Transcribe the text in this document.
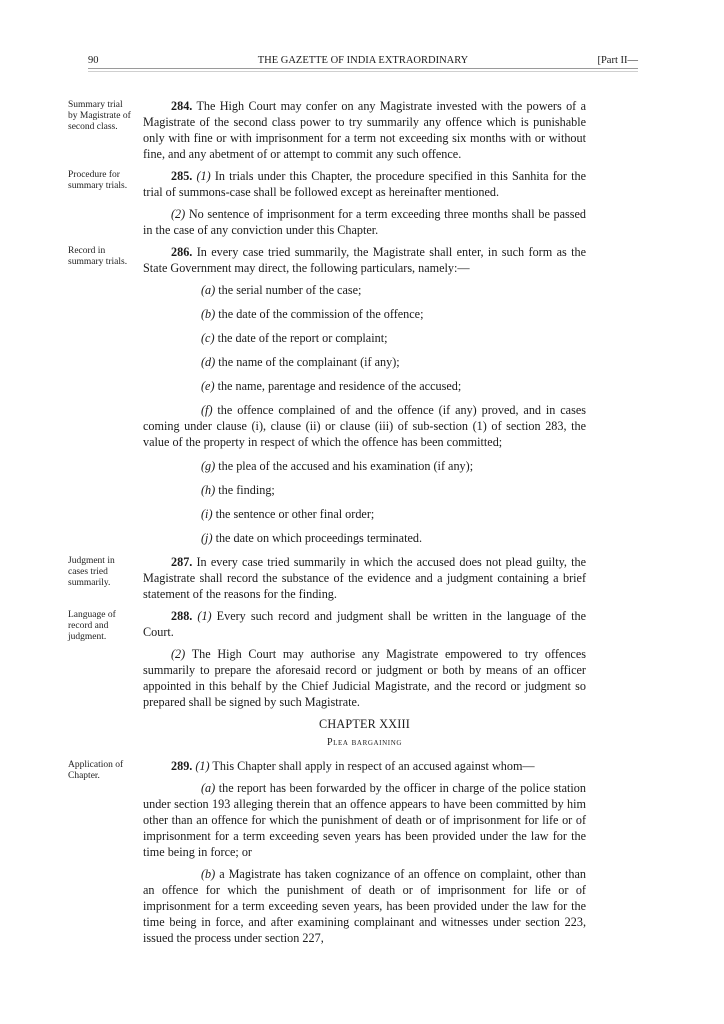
90	THE GAZETTE OF INDIA EXTRAORDINARY	[Part II—
Summary trial by Magistrate of second class.

284. The High Court may confer on any Magistrate invested with the powers of a Magistrate of the second class power to try summarily any offence which is punishable only with fine or with imprisonment for a term not exceeding six months with or without fine, and any abetment of or attempt to commit any such offence.

Procedure for summary trials.

285. (1) In trials under this Chapter, the procedure specified in this Sanhita for the trial of summons-case shall be followed except as hereinafter mentioned.

(2) No sentence of imprisonment for a term exceeding three months shall be passed in the case of any conviction under this Chapter.

Record in summary trials.

286. In every case tried summarily, the Magistrate shall enter, in such form as the State Government may direct, the following particulars, namely:—

(a) the serial number of the case;

(b) the date of the commission of the offence;

(c) the date of the report or complaint;

(d) the name of the complainant (if any);

(e) the name, parentage and residence of the accused;

(f) the offence complained of and the offence (if any) proved, and in cases coming under clause (i), clause (ii) or clause (iii) of sub-section (1) of section 283, the value of the property in respect of which the offence has been committed;

(g) the plea of the accused and his examination (if any);

(h) the finding;

(i) the sentence or other final order;

(j) the date on which proceedings terminated.

Judgment in cases tried summarily.

287. In every case tried summarily in which the accused does not plead guilty, the Magistrate shall record the substance of the evidence and a judgment containing a brief statement of the reasons for the finding.

Language of record and judgment.

288. (1) Every such record and judgment shall be written in the language of the Court.

(2) The High Court may authorise any Magistrate empowered to try offences summarily to prepare the aforesaid record or judgment or both by means of an officer appointed in this behalf by the Chief Judicial Magistrate, and the record or judgment so prepared shall be signed by such Magistrate.

CHAPTER XXIII
Plea bargaining
Application of Chapter.

289. (1) This Chapter shall apply in respect of an accused against whom—

(a) the report has been forwarded by the officer in charge of the police station under section 193 alleging therein that an offence appears to have been committed by him other than an offence for which the punishment of death or of imprisonment for life or of imprisonment for a term exceeding seven years has been provided under the law for the time being in force; or

(b) a Magistrate has taken cognizance of an offence on complaint, other than an offence for which the punishment of death or of imprisonment for life or of imprisonment for a term exceeding seven years, has been provided under the law for the time being in force, and after examining complainant and witnesses under section 223, issued the process under section 227,
